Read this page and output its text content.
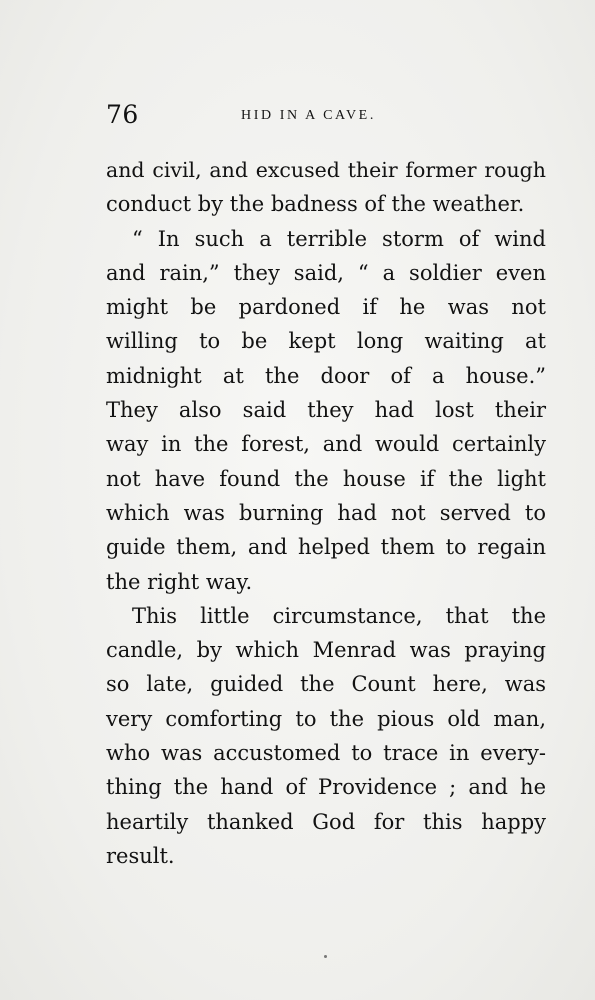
76	HID IN A CAVE.
and civil, and excused their former rough
conduct by the badness of the weather.
“ In such a terrible storm of wind
and rain,” they said, “ a soldier even
might be pardoned if he was not
willing to be kept long waiting at
midnight at the door of a house.”
They also said they had lost their
way in the forest, and would certainly
not have found the house if the light
which was burning had not served to
guide them, and helped them to regain
the right way.
This little circumstance, that the
candle, by which Menrad was praying
so late, guided the Count here, was
very comforting to the pious old man,
who was accustomed to trace in every-
thing the hand of Providence ; and he
heartily thanked God for this happy
result.
